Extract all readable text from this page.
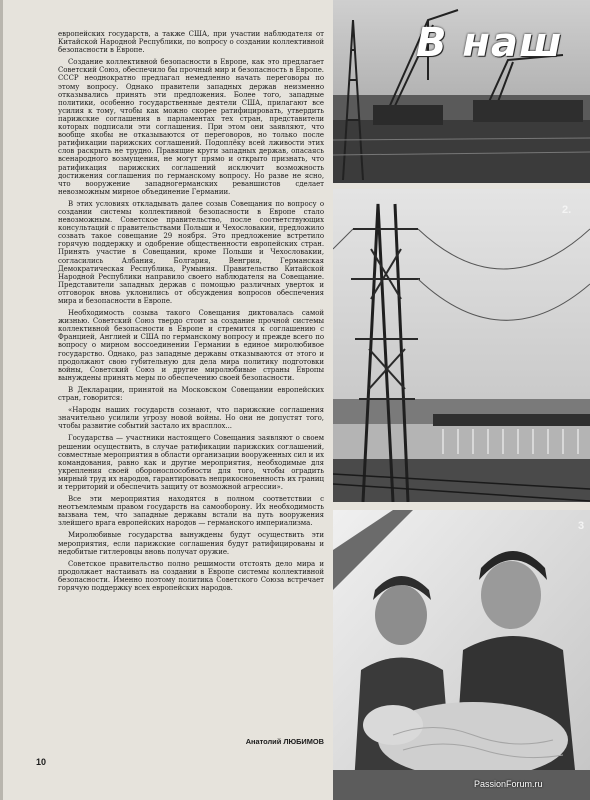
европейских государств, а также США, при участии наблюдателя от Китайской Народной Республики, по вопросу о создании коллективной безопасности в Европе.

Создание коллективной безопасности в Европе, как это предлагает Советский Союз, обеспечило бы прочный мир и безопасность в Европе. СССР неоднократно предлагал немедленно начать переговоры по этому вопросу. Однако правители западных держав неизменно отказывались принять эти предложения. Более того, западные политики, особенно государственные деятели США, прилагают все усилия к тому, чтобы как можно скорее ратифицировать, утвердить парижские соглашения в парламентах тех стран, представители которых подписали эти соглашения. При этом они заявляют, что вообще якобы не отказываются от переговоров, но только после ратификации парижских соглашений. Подоплёку всей лживости этих слов раскрыть не трудно. Правящие круги западных держав, опасаясь всенародного возмущения, не могут прямо и открыто признать, что ратификация парижских соглашений исключит возможность достижения соглашения по германскому вопросу. Но разве не ясно, что вооружение западногерманских реваншистов сделает невозможным мирное объединение Германии.

В этих условиях откладывать далее созыв Совещания по вопросу о создании системы коллективной безопасности в Европе стало невозможным. Советское правительство, после соответствующих консультаций с правительствами Польши и Чехословакии, предложило созвать такое совещание 29 ноября. Это предложение встретило горячую поддержку и одобрение общественности европейских стран. Принять участие в Совещании, кроме Польши и Чехословакии, согласились Албания, Болгария, Венгрия, Германская Демократическая Республика, Румыния. Правительство Китайской Народной Республики направило своего наблюдателя на Совещание. Представители западных держав с помощью различных уверток и отговорок вновь уклонились от обсуждения вопросов обеспечения мира и безопасности в Европе.

Необходимость созыва такого Совещания диктовалась самой жизнью. Советский Союз твердо стоит за создание прочной системы коллективной безопасности в Европе и стремится к соглашению с Францией, Англией и США по германскому вопросу и прежде всего по вопросу о мирном воссоединении Германии в единое миролюбивое государство. Однако, раз западные державы отказываются от этого и продолжают свою губительную для дела мира политику подготовки войны, Советский Союз и другие миролюбивые страны Европы вынуждены принять меры по обеспечению своей безопасности.

В Декларации, принятой на Московском Совещании европейских стран, говорится:

«Народы наших государств сознают, что парижские соглашения значительно усилили угрозу новой войны. Но они не допустят того, чтобы развитие событий застало их врасплох...

Государства — участники настоящего Совещания заявляют о своем решении осуществить, в случае ратификации парижских соглашений, совместные мероприятия в области организации вооруженных сил и их командования, равно как и другие мероприятия, необходимые для укрепления своей обороноспособности для того, чтобы оградить мирный труд их народов, гарантировать неприкосновенность их границ и территорий и обеспечить защиту от возможной агрессии».

Все эти мероприятия находятся в полном соответствии с неотъемлемым правом государств на самооборону. Их необходимость вызвана тем, что западные державы встали на путь вооружения злейшего врага европейских народов — германского империализма.

Миролюбивые государства вынуждены будут осуществить эти мероприятия, если парижские соглашения будут ратифицированы и недобитые гитлеровцы вновь получат оружие.

Советское правительство полно решимости отстоять дело мира и продолжает настаивать на создании в Европе системы коллективной безопасности. Именно поэтому политика Советского Союза встречает горячую поддержку всех европейских народов.

Анатолий ЛЮБИМОВ
10
В наш
2.
3
PassionForum.ru
